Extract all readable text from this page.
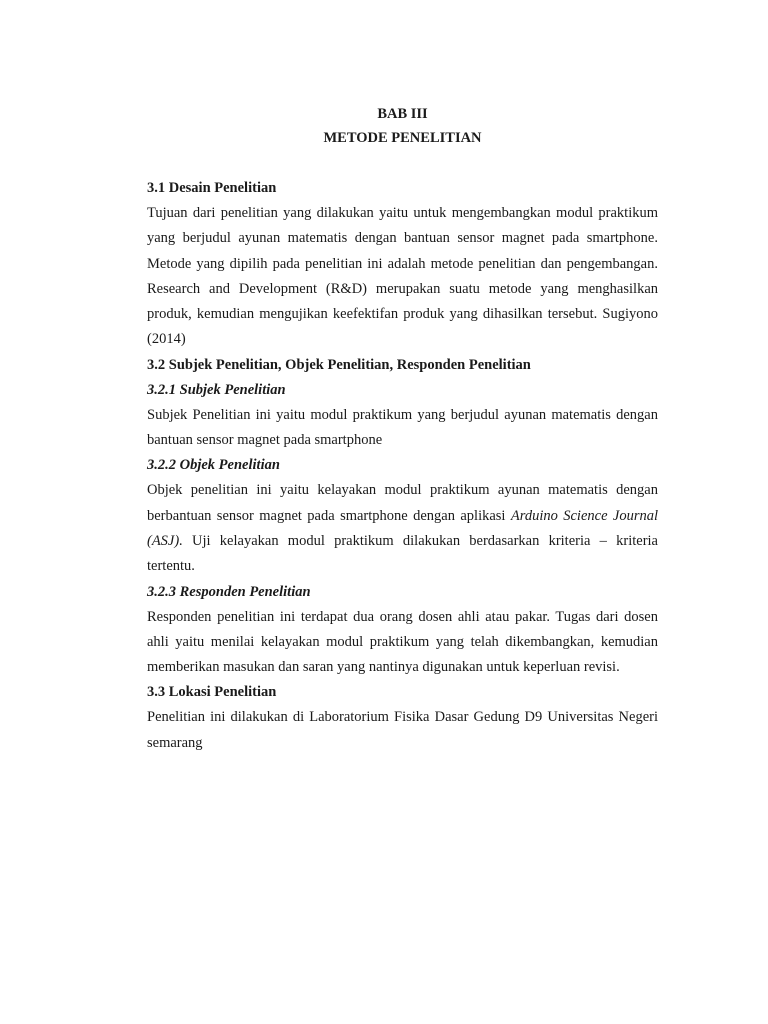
BAB III

METODE PENELITIAN

3.1 Desain Penelitian

Tujuan dari penelitian yang dilakukan yaitu untuk mengembangkan modul praktikum yang berjudul ayunan matematis dengan bantuan sensor magnet pada smartphone. Metode yang dipilih pada penelitian ini adalah metode penelitian dan pengembangan. Research and Development (R&D) merupakan suatu metode yang menghasilkan produk, kemudian mengujikan keefektifan produk yang dihasilkan tersebut. Sugiyono (2014)

3.2 Subjek Penelitian, Objek Penelitian, Responden Penelitian

3.2.1 Subjek Penelitian

Subjek Penelitian ini yaitu modul praktikum yang berjudul ayunan matematis dengan bantuan sensor magnet pada smartphone

3.2.2 Objek Penelitian

Objek penelitian ini yaitu kelayakan modul praktikum ayunan matematis dengan berbantuan sensor magnet pada smartphone dengan aplikasi Arduino Science Journal (ASJ). Uji kelayakan modul praktikum dilakukan berdasarkan kriteria – kriteria tertentu.

3.2.3 Responden Penelitian

Responden penelitian ini terdapat dua orang dosen ahli atau pakar. Tugas dari dosen ahli yaitu menilai kelayakan modul praktikum yang telah dikembangkan, kemudian memberikan masukan dan saran yang nantinya digunakan untuk keperluan revisi.

3.3 Lokasi Penelitian

Penelitian ini dilakukan di Laboratorium Fisika Dasar Gedung D9 Universitas Negeri semarang
